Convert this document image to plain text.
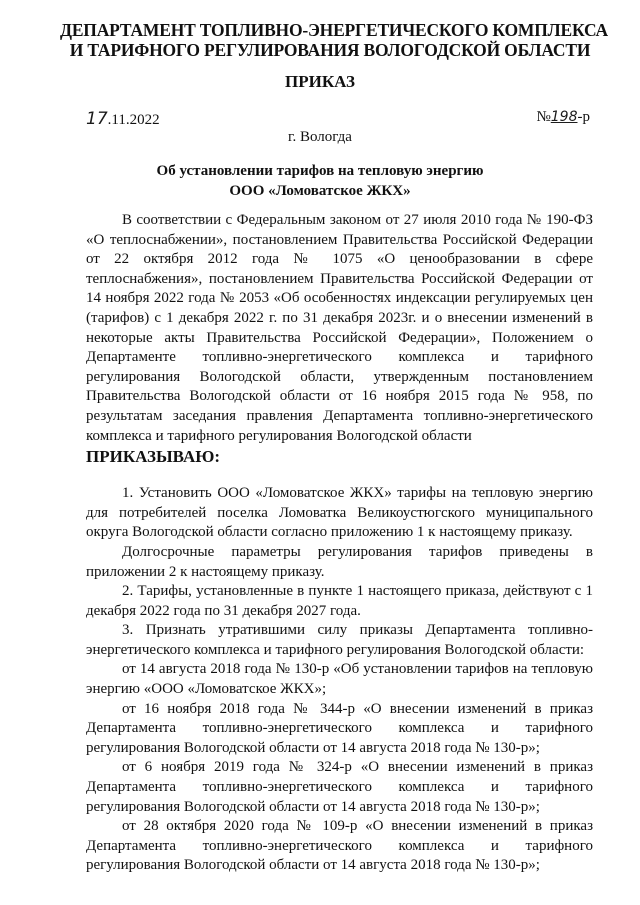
ДЕПАРТАМЕНТ ТОПЛИВНО-ЭНЕРГЕТИЧЕСКОГО КОМПЛЕКСА
И ТАРИФНОГО РЕГУЛИРОВАНИЯ ВОЛОГОДСКОЙ ОБЛАСТИ
ПРИКАЗ
17.11.2022	№198-р
г. Вологда
Об установлении тарифов на тепловую энергию
ООО «Ломоватское ЖКХ»

В соответствии с Федеральным законом от 27 июля 2010 года № 190-ФЗ «О теплоснабжении», постановлением Правительства Российской Федерации от 22 октября 2012 года № 1075 «О ценообразовании в сфере теплоснабжения», постановлением Правительства Российской Федерации от 14 ноября 2022 года № 2053 «Об особенностях индексации регулируемых цен (тарифов) с 1 декабря 2022 г. по 31 декабря 2023г. и о внесении изменений в некоторые акты Правительства Российской Федерации», Положением о Департаменте топливно-энергетического комплекса и тарифного регулирования Вологодской области, утвержденным постановлением Правительства Вологодской области от 16 ноября 2015 года № 958, по результатам заседания правления Департамента топливно-энергетического комплекса и тарифного регулирования Вологодской области

ПРИКАЗЫВАЮ:

1. Установить ООО «Ломоватское ЖКХ» тарифы на тепловую энергию для потребителей поселка Ломоватка Великоустюгского муниципального округа Вологодской области согласно приложению 1 к настоящему приказу.

Долгосрочные параметры регулирования тарифов приведены в приложении 2 к настоящему приказу.

2. Тарифы, установленные в пункте 1 настоящего приказа, действуют с 1 декабря 2022 года по 31 декабря 2027 года.

3. Признать утратившими силу приказы Департамента топливно-энергетического комплекса и тарифного регулирования Вологодской области:

от 14 августа 2018 года № 130-р «Об установлении тарифов на тепловую энергию «ООО «Ломоватское ЖКХ»;

от 16 ноября 2018 года № 344-р «О внесении изменений в приказ Департамента топливно-энергетического комплекса и тарифного регулирования Вологодской области от 14 августа 2018 года № 130-р»;

от 6 ноября 2019 года № 324-р «О внесении изменений в приказ Департамента топливно-энергетического комплекса и тарифного регулирования Вологодской области от 14 августа 2018 года № 130-р»;

от 28 октября 2020 года № 109-р «О внесении изменений в приказ Департамента топливно-энергетического комплекса и тарифного регулирования Вологодской области от 14 августа 2018 года № 130-р»;
